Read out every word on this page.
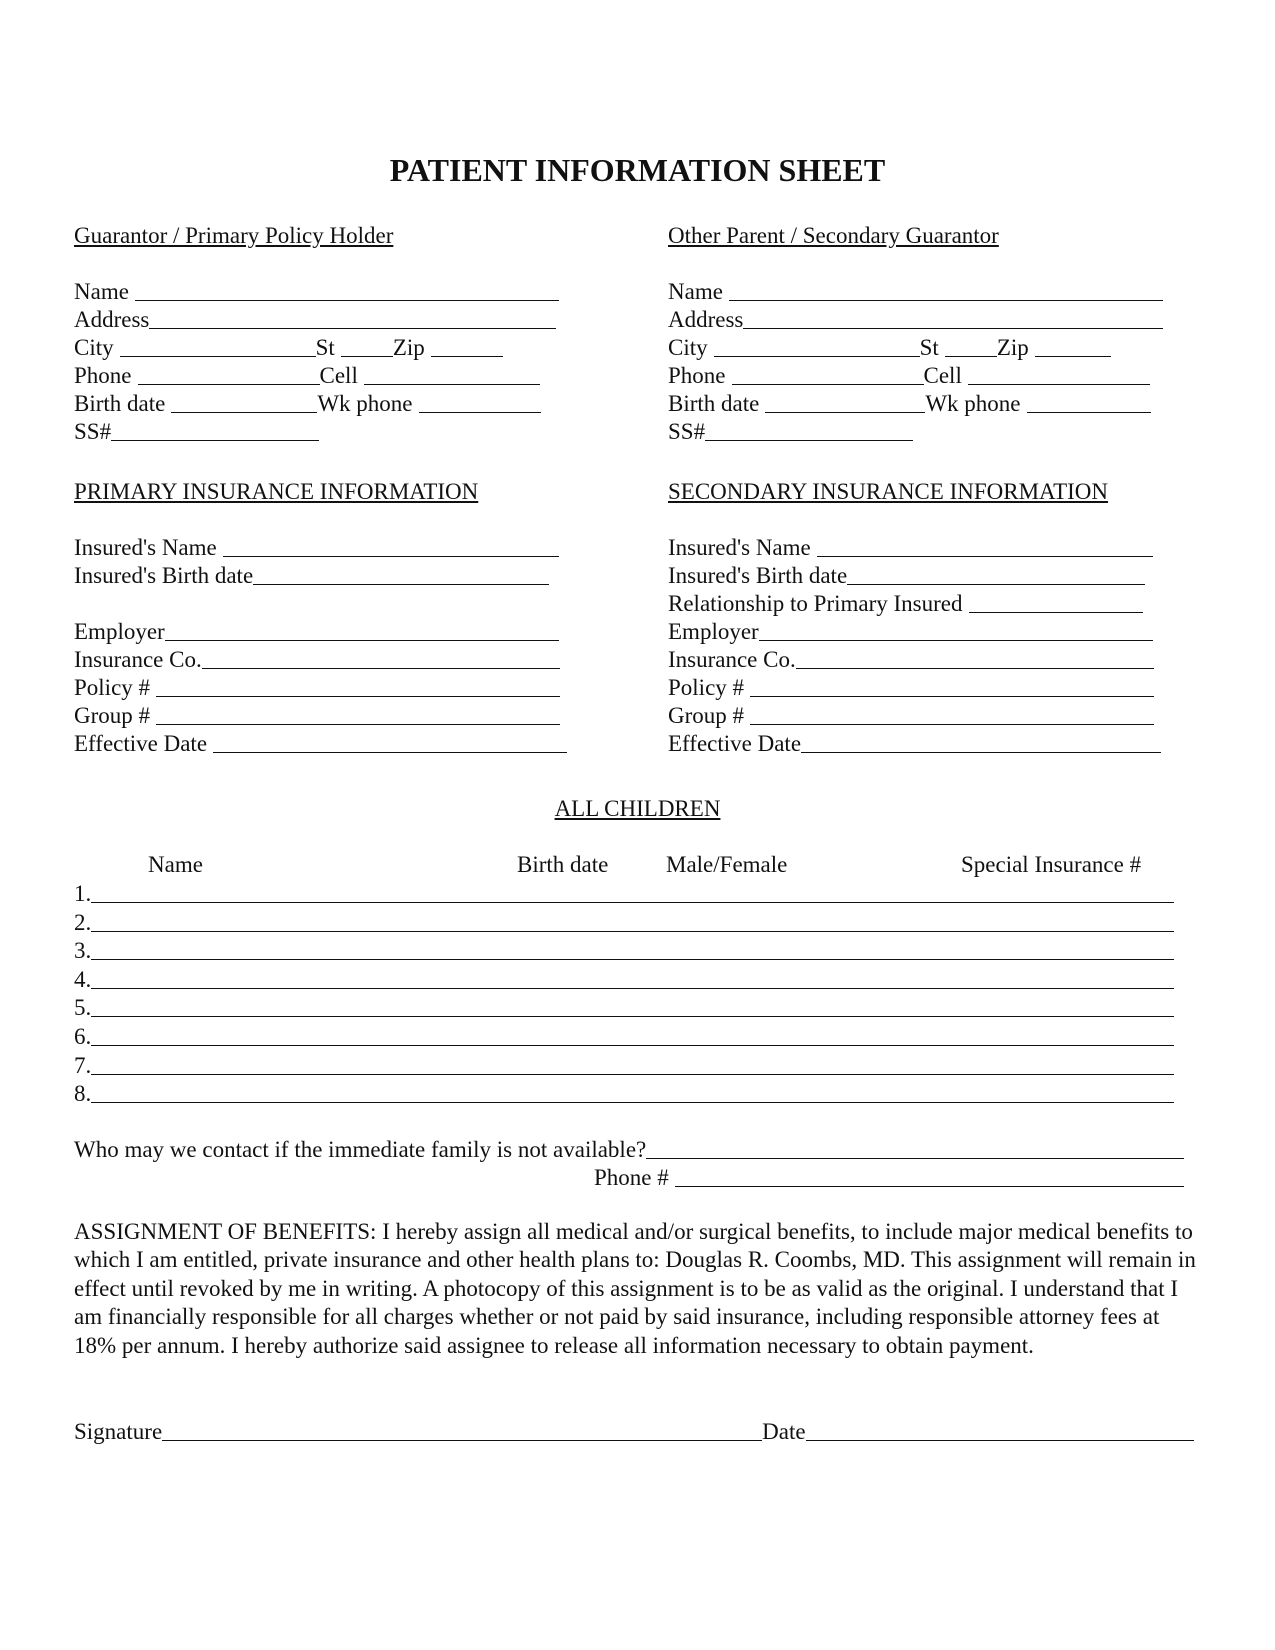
PATIENT INFORMATION SHEET
Guarantor / Primary Policy Holder
Name
Address
City	St	Zip
Phone	Cell
Birth date	Wk phone
SS#
Other Parent / Secondary Guarantor
Name
Address
City	St	Zip
Phone	Cell
Birth date	Wk phone
SS#
PRIMARY INSURANCE INFORMATION
Insured's Name
Insured's Birth date
Employer
Insurance Co.
Policy #
Group #
Effective Date
SECONDARY INSURANCE INFORMATION
Insured's Name
Insured's Birth date
Relationship to Primary Insured
Employer
Insurance Co.
Policy #
Group #
Effective Date
ALL CHILDREN
Name	Birth date	Male/Female	Special Insurance #
1.
2.
3.
4.
5.
6.
7.
8.
Who may we contact if the immediate family is not available?
Phone #
ASSIGNMENT OF BENEFITS: I hereby assign all medical and/or surgical benefits, to include major medical benefits to which I am entitled, private insurance and other health plans to: Douglas R. Coombs, MD. This assignment will remain in effect until revoked by me in writing. A photocopy of this assignment is to be as valid as the original. I understand that I am financially responsible for all charges whether or not paid by said insurance, including responsible attorney fees at 18% per annum. I hereby authorize said assignee to release all information necessary to obtain payment.
Signature	Date
